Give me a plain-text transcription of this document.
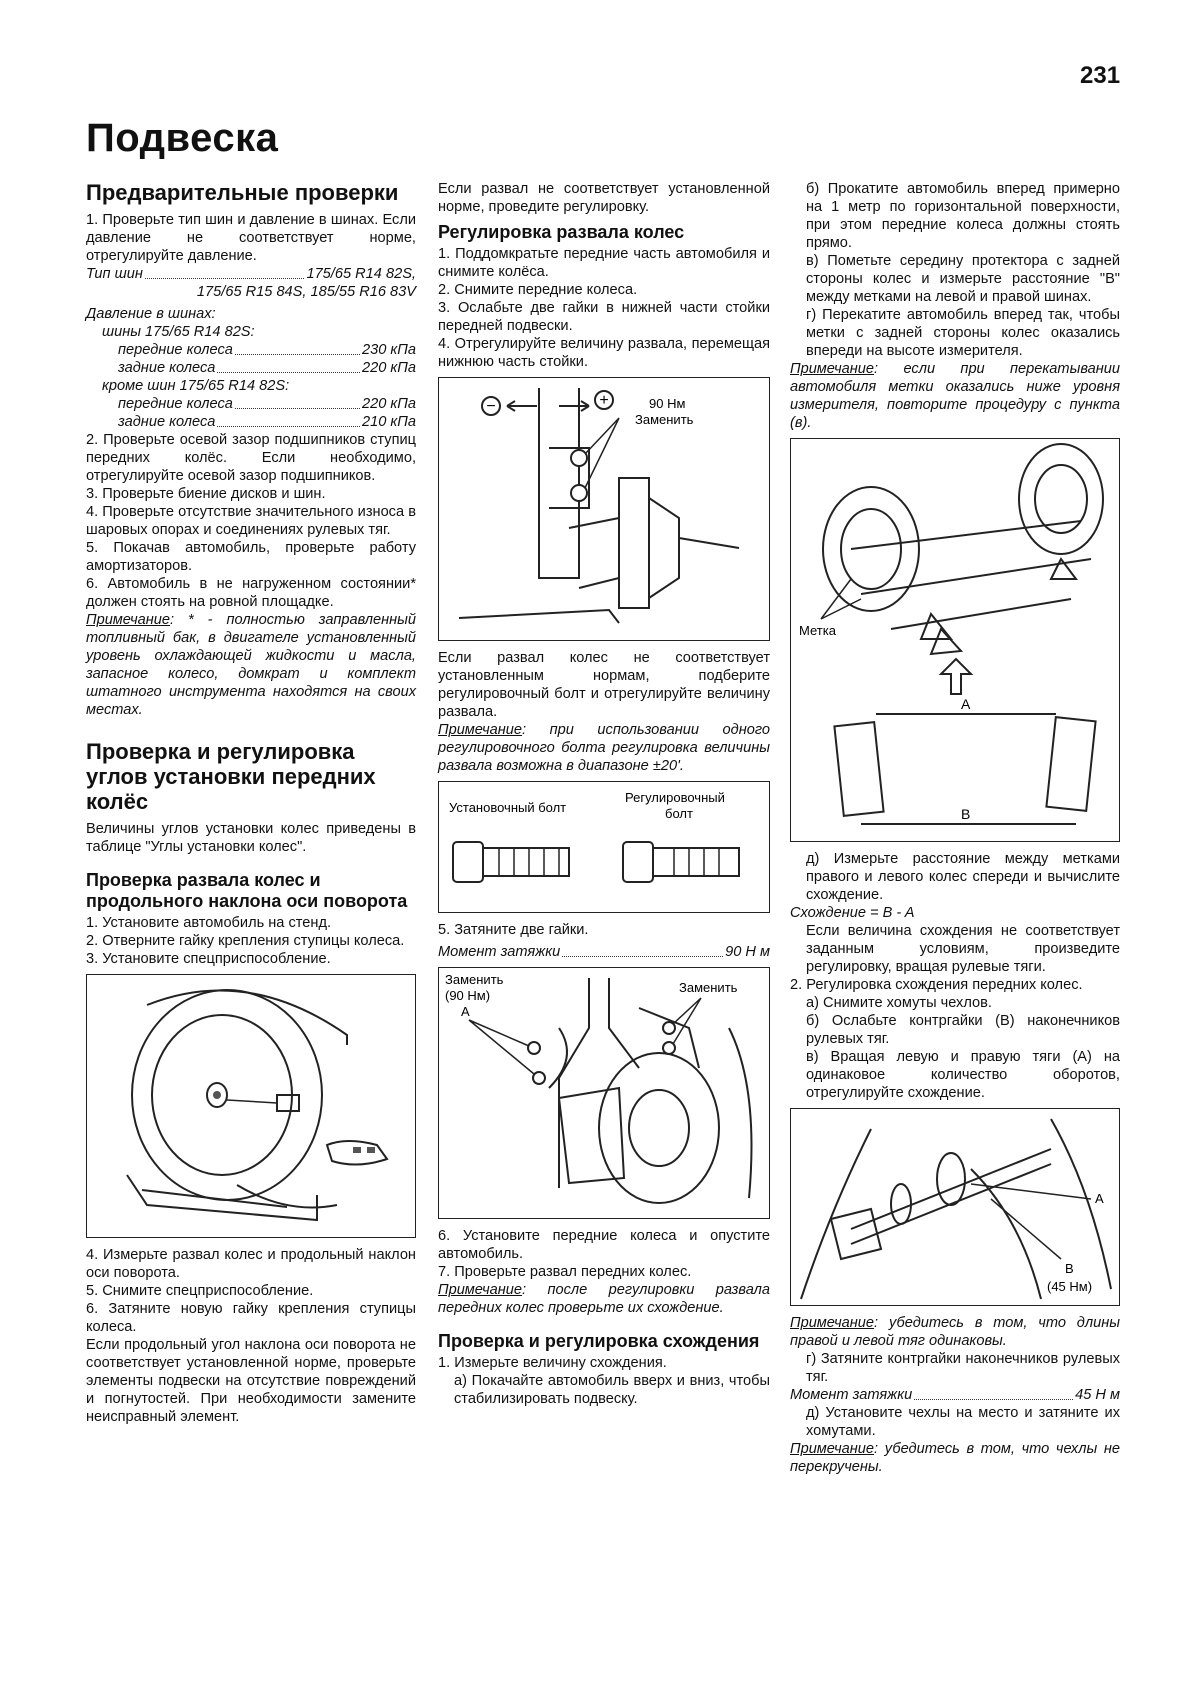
231
Подвеска
Предварительные проверки

1. Проверьте тип шин и давление в шинах. Если давление не соответствует норме, отрегулируйте давление.

Тип шин	175/65 R14 82S,

175/65 R15 84S, 185/55 R16 83V

Давление в шинах:

шины 175/65 R14 82S:

передние колеса	230 кПа
задние колеса	220 кПа

кроме шин 175/65 R14 82S:

передние колеса	220 кПа
задние колеса	210 кПа

2. Проверьте осевой зазор подшипников ступиц передних колёс. Если необходимо, отрегулируйте осевой зазор подшипников.

3. Проверьте биение дисков и шин.

4. Проверьте отсутствие значительного износа в шаровых опорах и соединениях рулевых тяг.

5. Покачав автомобиль, проверьте работу амортизаторов.

6. Автомобиль в не нагруженном состоянии* должен стоять на ровной площадке.

Примечание: * - полностью заправленный топливный бак, в двигателе установленный уровень охлаждающей жидкости и масла, запасное колесо, домкрат и комплект штатного инструмента находятся на своих местах.

Проверка и регулировка углов установки передних колёс

Величины углов установки колес приведены в таблице "Углы установки колес".

Проверка развала колес и продольного наклона оси поворота

1. Установите автомобиль на стенд.

2. Отверните гайку крепления ступицы колеса.

3. Установите спецприспособление.

4. Измерьте развал колес и продольный наклон оси поворота.

5. Снимите спецприспособление.

6. Затяните новую гайку крепления ступицы колеса.

Если продольный угол наклона оси поворота не соответствует установленной норме, проверьте элементы подвески на отсутствие повреждений и погнутостей. При необходимости замените неисправный элемент.

Если развал не соответствует установленной норме, проведите регулировку.

Регулировка развала колес

1. Поддомкратьте передние часть автомобиля и снимите колёса.

2. Снимите передние колеса.

3. Ослабьте две гайки в нижней части стойки передней подвески.

4. Отрегулируйте величину развала, перемещая нижнюю часть стойки.

−	+	90 Нм
Заменить

Если развал колес не соответствует установленным нормам, подберите регулировочный болт и отрегулируйте величину развала.

Примечание: при использовании одного регулировочного болта регулировка величины развала возможна в диапазоне ±20'.

Установочный болт
Регулировочный болт

5. Затяните две гайки.

Момент затяжки	90 Н м
Заменить
(90 Нм)
A
Заменить

6. Установите передние колеса и опустите автомобиль.

7. Проверьте развал передних колес.

Примечание: после регулировки развала передних колес проверьте их схождение.

Проверка и регулировка схождения

1. Измерьте величину схождения.

а) Покачайте автомобиль вверх и вниз, чтобы стабилизировать подвеску.

б) Прокатите автомобиль вперед примерно на 1 метр по горизонтальной поверхности, при этом передние колеса должны стоять прямо.

в) Пометьте середину протектора с задней стороны колес и измерьте расстояние "В" между метками на левой и правой шинах.

г) Перекатите автомобиль вперед так, чтобы метки с задней стороны колес оказались впереди на высоте измерителя.

Примечание: если при перекатывании автомобиля метки оказались ниже уровня измерителя, повторите процедуру с пункта (в).

Метка
A
B

д) Измерьте расстояние между метками правого и левого колес спереди и вычислите схождение.

Схождение = B - A

Если величина схождения не соответствует заданным условиям, произведите регулировку, вращая рулевые тяги.

2. Регулировка схождения передних колес.

а) Снимите хомуты чехлов.

б) Ослабьте контргайки (В) наконечников рулевых тяг.

в) Вращая левую и правую тяги (А) на одинаковое количество оборотов, отрегулируйте схождение.

A
B
(45 Нм)

Примечание: убедитесь в том, что длины правой и левой тяг одинаковы.

г) Затяните контргайки наконечников рулевых тяг.

Момент затяжки	45 Н м

д) Установите чехлы на место и затяните их хомутами.

Примечание: убедитесь в том, что чехлы не перекручены.
